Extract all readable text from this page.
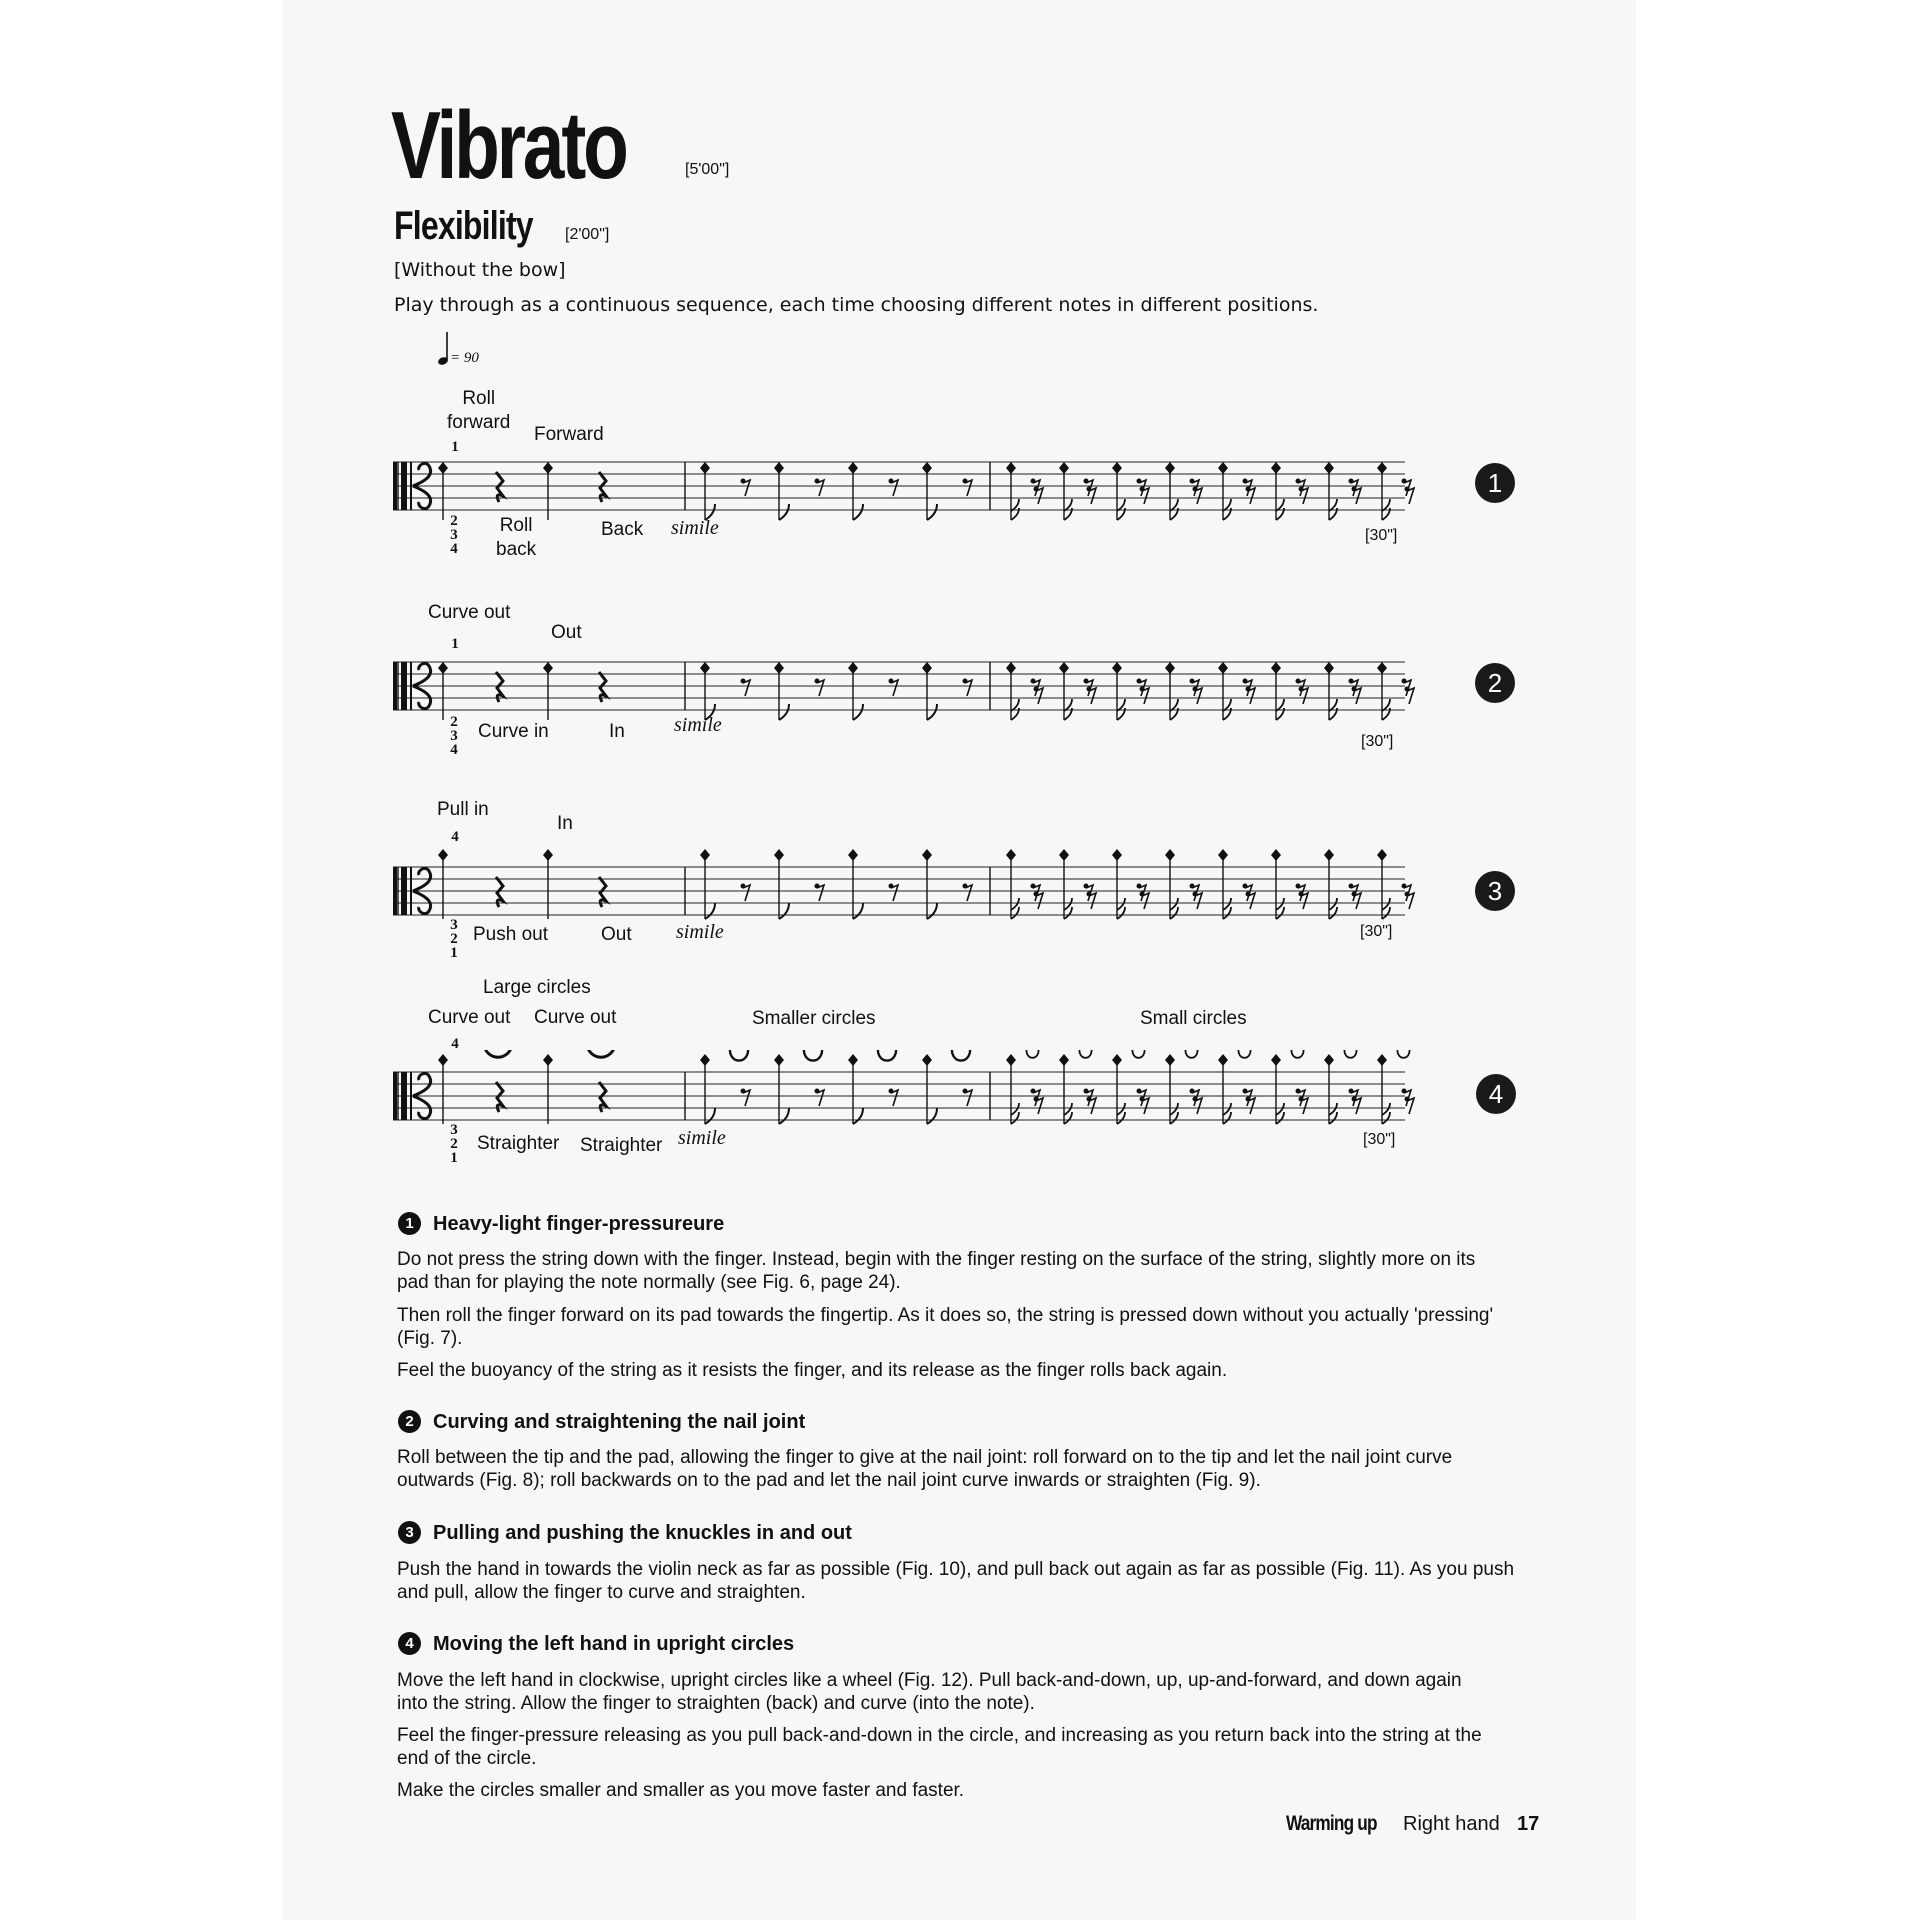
Vibrato	[5'00"]
Flexibility [2'00"]
[Without the bow]
Play through as a continuous sequence, each time choosing different notes in different positions.
= 90
Roll
forward
Forward
1
2
3
4
Roll
back
Back simile	[30"]
1
Curve out
Out
1
2
3
4
Curve in	In simile
[30"]
2
Pull in
In
4
3
2
1
Push out	Out simile	[30"]
3
Large circles
Curve out Curve out	Smaller circles	Small circles
4
3
2
1
Straighter Straighter simile	[30"]
4
1 Heavy-light finger-pressureure
Do not press the string down with the finger. Instead, begin with the finger resting on the surface of the string, slightly more on its pad than for playing the note normally (see Fig. 6, page 24).
Then roll the finger forward on its pad towards the fingertip. As it does so, the string is pressed down without you actually 'pressing' (Fig. 7).
Feel the buoyancy of the string as it resists the finger, and its release as the finger rolls back again.
2 Curving and straightening the nail joint
Roll between the tip and the pad, allowing the finger to give at the nail joint: roll forward on to the tip and let the nail joint curve outwards (Fig. 8); roll backwards on to the pad and let the nail joint curve inwards or straighten (Fig. 9).
3 Pulling and pushing the knuckles in and out
Push the hand in towards the violin neck as far as possible (Fig. 10), and pull back out again as far as possible (Fig. 11). As you push and pull, allow the finger to curve and straighten.
4 Moving the left hand in upright circles
Move the left hand in clockwise, upright circles like a wheel (Fig. 12). Pull back-and-down, up, up-and-forward, and down again into the string. Allow the finger to straighten (back) and curve (into the note).
Feel the finger-pressure releasing as you pull back-and-down in the circle, and increasing as you return back into the string at the end of the circle.
Make the circles smaller and smaller as you move faster and faster.
Warming up Right hand 17
